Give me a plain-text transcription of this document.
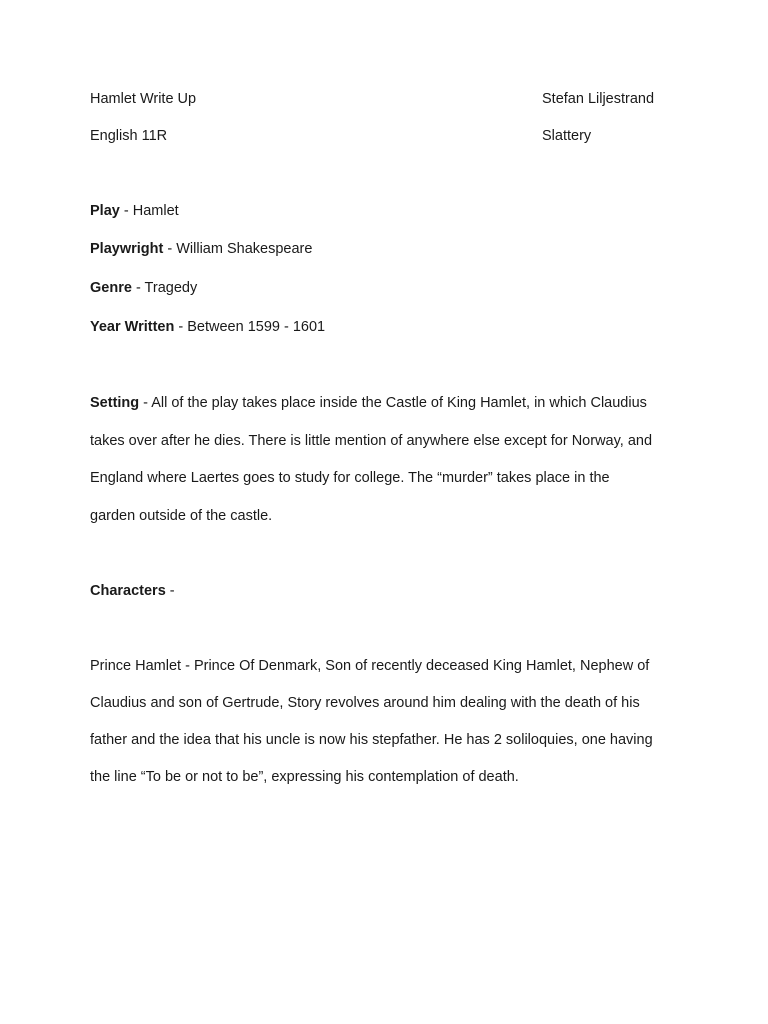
Hamlet Write Up	Stefan Liljestrand
English 11R	Slattery
Play - Hamlet
Playwright - William Shakespeare
Genre - Tragedy
Year Written - Between 1599 - 1601
Setting - All of the play takes place inside the Castle of King Hamlet, in which Claudius
takes over after he dies. There is little mention of anywhere else except for Norway, and
England where Laertes goes to study for college. The “murder” takes place in the
garden outside of the castle.
Characters -
Prince Hamlet - Prince Of Denmark, Son of recently deceased King Hamlet, Nephew of
Claudius and son of Gertrude, Story revolves around him dealing with the death of his
father and the idea that his uncle is now his stepfather. He has 2 soliloquies, one having
the line “To be or not to be”, expressing his contemplation of death.
